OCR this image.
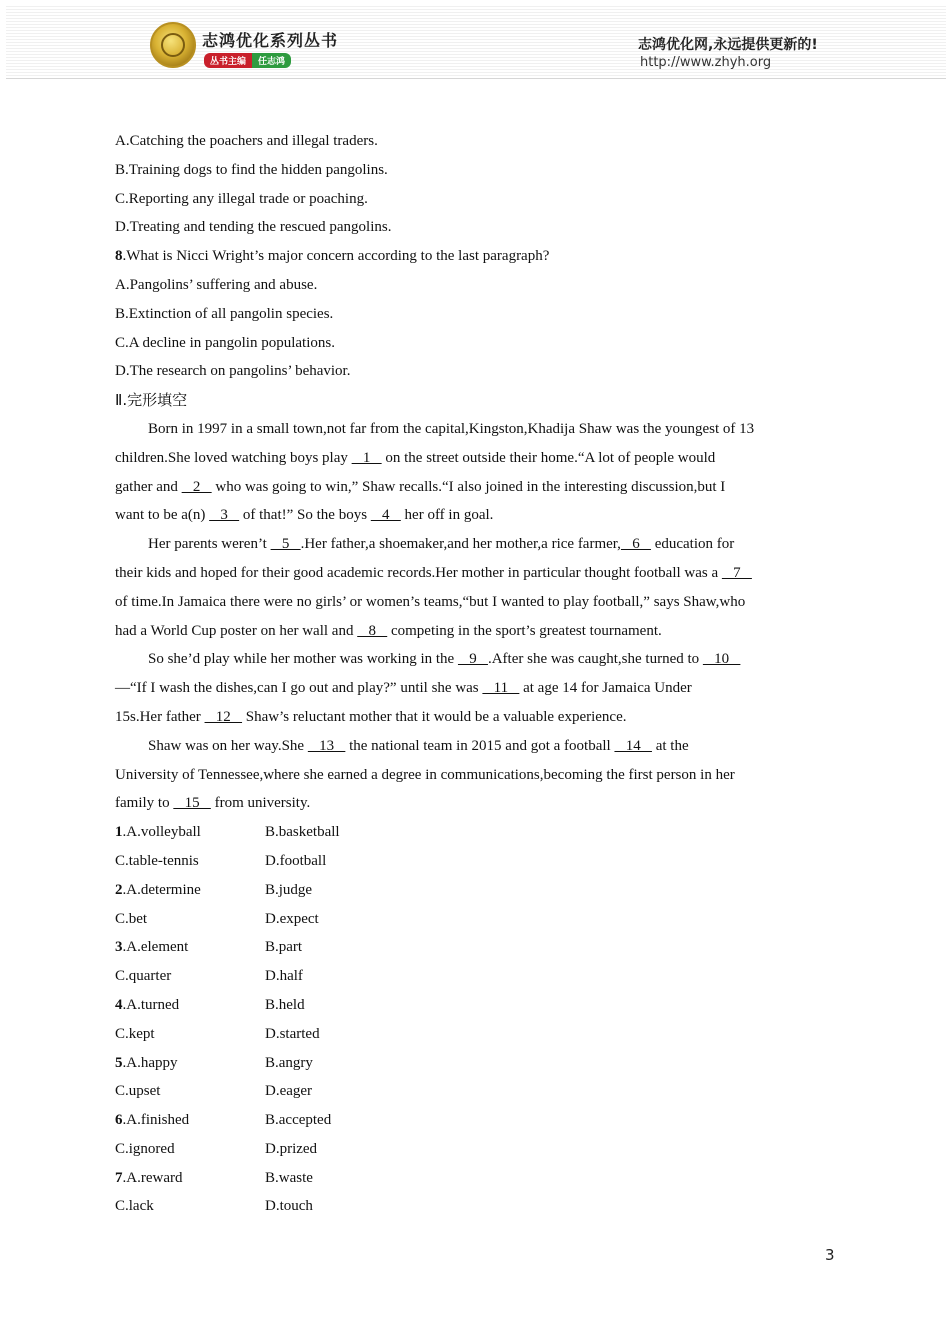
志鸿优化系列丛书
丛书主编	任志鸿
志鸿优化网,永远提供更新的!
http://www.zhyh.org
A.Catching the poachers and illegal traders.
B.Training dogs to find the hidden pangolins.
C.Reporting any illegal trade or poaching.
D.Treating and tending the rescued pangolins.
8.What is Nicci Wright’s major concern according to the last paragraph?
A.Pangolins’ suffering and abuse.
B.Extinction of all pangolin species.
C.A decline in pangolin populations.
D.The research on pangolins’ behavior.
Ⅱ.完形填空
Born in 1997 in a small town,not far from the capital,Kingston,Khadija Shaw was the youngest of 13
children.She loved watching boys play    1    on the street outside their home.“A lot of people would
gather and    2    who was going to win,” Shaw recalls.“I also joined in the interesting discussion,but I
want to be a(n)    3    of that!” So the boys    4    her off in goal.
Her parents weren’t    5   .Her father,a shoemaker,and her mother,a rice farmer,   6    education for
their kids and hoped for their good academic records.Her mother in particular thought football was a    7
of time.In Jamaica there were no girls’ or women’s teams,“but I wanted to play football,” says Shaw,who
had a World Cup poster on her wall and    8    competing in the sport’s greatest tournament.
So she’d play while her mother was working in the    9   .After she was caught,she turned to    10
—“If I wash the dishes,can I go out and play?” until she was    11    at age 14 for Jamaica Under
15s.Her father    12    Shaw’s reluctant mother that it would be a valuable experience.
Shaw was on her way.She    13    the national team in 2015 and got a football    14    at the
University of Tennessee,where she earned a degree in communications,becoming the first person in her
family to    15    from university.
1.A.volleyball	B.basketball
C.table-tennis	D.football
2.A.determine	B.judge
C.bet	D.expect
3.A.element	B.part
C.quarter	D.half
4.A.turned	B.held
C.kept	D.started
5.A.happy	B.angry
C.upset	D.eager
6.A.finished	B.accepted
C.ignored	D.prized
7.A.reward	B.waste
C.lack	D.touch
3
